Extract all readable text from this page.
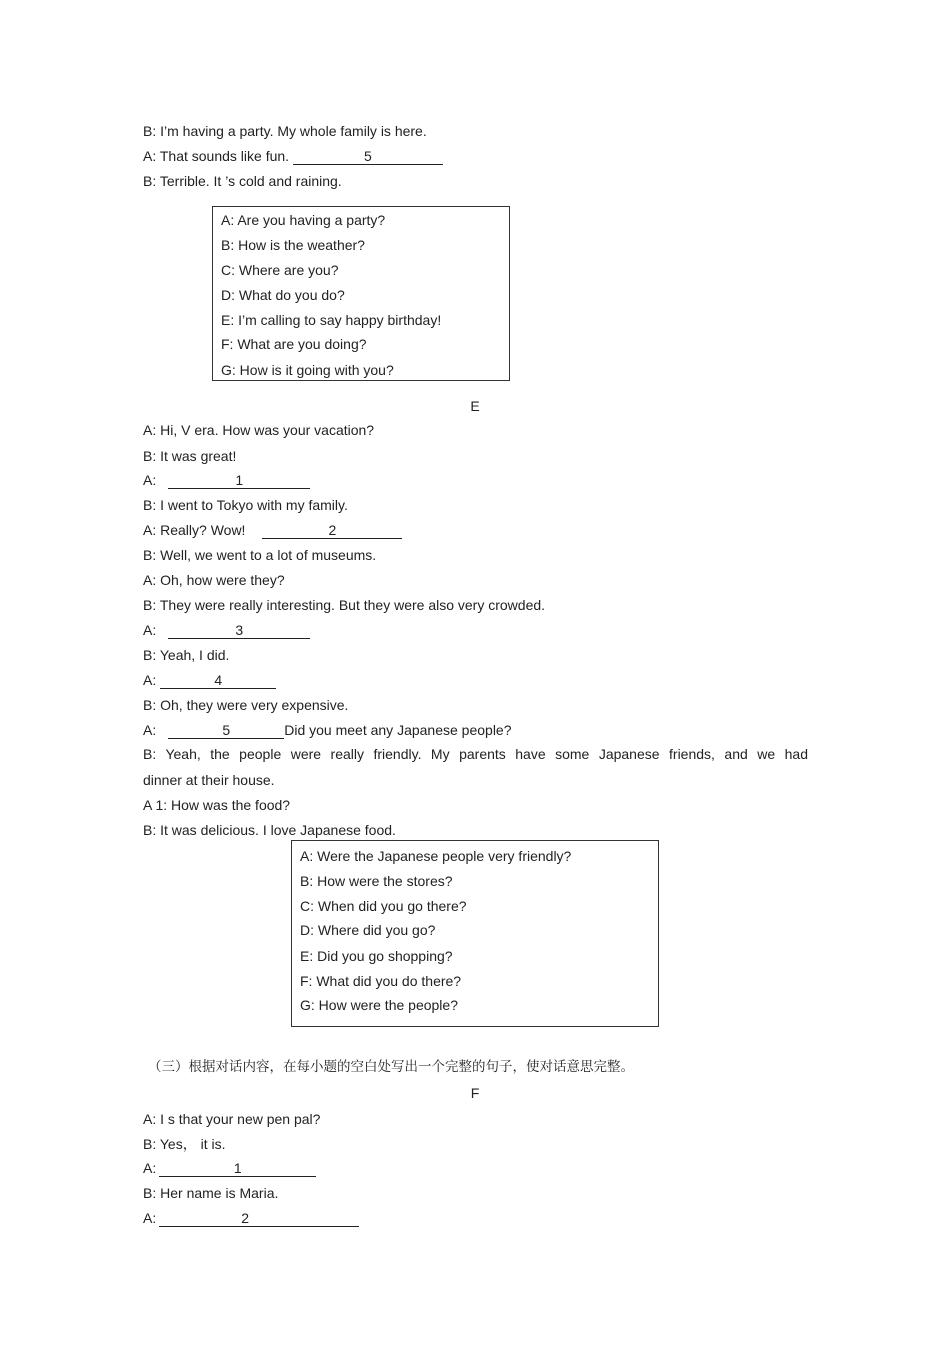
B: I’m having a party. My whole family is here.
A: That sounds like fun.	5
B: Terrible. It ’s cold and raining.
A: Are you having a party?
B: How is the weather?
C: Where are you?
D: What do you do?
E: I’m calling to say happy birthday!
F: What are you doing?
G: How is it going with you?
E
A: Hi, V era. How was your vacation?
B: It was great!
A:	1
B: I went to Tokyo with my family.
A: Really? Wow!	2
B: Well, we went to a lot of museums.
A: Oh, how were they?
B: They were really interesting. But they were also very crowded.
A:	3
B: Yeah, I did.
A:	4
B: Oh, they were very expensive.
A:	5	Did you meet any Japanese people?
B: Yeah, the people were really friendly. My parents have some Japanese friends, and we had
dinner at their house.
A 1: How was the food?
B: It was delicious. I love Japanese food.
A: Were the Japanese people very friendly?
B: How were the stores?
C: When did you go there?
D: Where did you go?
E: Did you go shopping?
F: What did you do there?
G: How were the people?
（三）根据对话内容，在每小题的空白处写出一个完整的句子，使对话意思完整。
F
A: I s that your new pen pal?
B: Yes， it is.
A:	1
B: Her name is Maria.
A:	2
